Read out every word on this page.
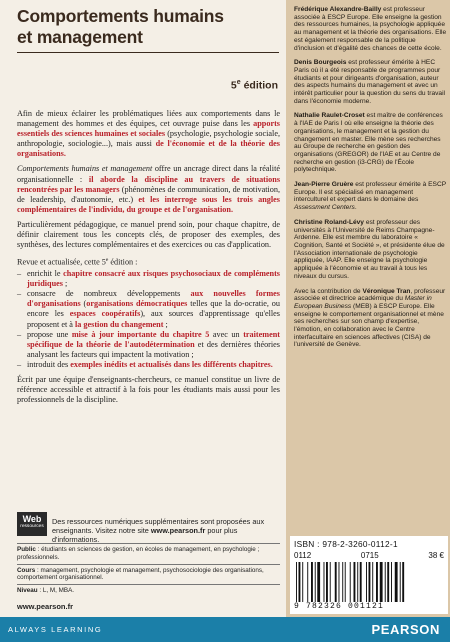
Comportements humains
et management
5e édition

Afin de mieux éclairer les problématiques liées aux comportements dans le management des hommes et des équipes, cet ouvrage puise dans les apports essentiels des sciences humaines et sociales (psychologie, psychologie sociale, anthropologie, sociologie...), mais aussi de l'économie et de la théorie des organisations.

Comportements humains et management offre un ancrage direct dans la réalité organisationnelle : il aborde la discipline au travers de situations rencontrées par les managers (phénomènes de communication, de motivation, de leadership, d'autonomie, etc.) et les interroge sous les trois angles complémentaires de l'individu, du groupe et de l'organisation.

Particulièrement pédagogique, ce manuel prend soin, pour chaque chapitre, de définir clairement tous les concepts clés, de proposer des exemples, des synthèses, des lectures complémentaires et des exercices ou cas d'application.

Revue et actualisée, cette 5e édition :

– enrichit le chapitre consacré aux risques psychosociaux de compléments juridiques ;
– consacre de nombreux développements aux nouvelles formes d'organisations (organisations démocratiques telles que la do-ocratie, ou encore les espaces coopératifs), aux sources d'apprentissage qu'elles proposent et à la gestion du changement ;
– propose une mise à jour importante du chapitre 5 avec un traitement spécifique de la théorie de l'autodétermination et des dernières théories analysant les facteurs qui impactent la motivation ;
– introduit des exemples inédits et actualisés dans les différents chapitres.

Écrit par une équipe d'enseignants-chercheurs, ce manuel constitue un livre de référence accessible et attractif à la fois pour les étudiants mais aussi pour les professionnels de la discipline.

Web
ressources
Des ressources numériques supplémentaires sont proposées aux enseignants. Visitez notre site www.pearson.fr pour plus d'informations.
Public : étudiants en sciences de gestion, en écoles de management, en psychologie ; professionnels.
Cours : management, psychologie et management, psychosociologie des organisations, comportement organisationnel.
Niveau : L, M, MBA.
www.pearson.fr
Frédérique Alexandre-Bailly est professeur associée à ESCP Europe. Elle enseigne la gestion des ressources humaines, la psychologie appliquée au management et la théorie des organisations. Elle est également responsable de la politique d'inclusion et d'égalité des chances de cette école.
Denis Bourgeois est professeur émérite à HEC Paris où il a été responsable de programmes pour étudiants et pour dirigeants d'organisation, auteur des aspects humains du management et avec un intérêt particulier pour la question du sens du travail dans l'économie moderne.
Nathalie Raulet-Croset est maître de conférences à l'IAE de Paris I où elle enseigne la théorie des organisations, le management et la gestion du changement en master. Elle mène ses recherches au Groupe de recherche en gestion des organisations (GREGOR) de l'IAE et au Centre de recherche en gestion (i3-CRG) de l'École polytechnique.
Jean-Pierre Gruère est professeur émérite à ESCP Europe. Il est spécialisé en management interculturel et expert dans le domaine des Assessment Centers.
Christine Roland-Lévy est professeur des universités à l'Université de Reims Champagne-Ardenne. Elle est membre du laboratoire « Cognition, Santé et Société », et présidente élue de l'Association internationale de psychologie appliquée, IAAP. Elle enseigne la psychologie appliquée à l'économie et au travail à tous les niveaux du cursus.
Avec la contribution de Véronique Tran, professeur associée et directrice académique du Master in European Business (MEB) à ESCP Europe. Elle enseigne le comportement organisationnel et mène ses recherches sur son champ d'expertise, l'émotion, en collaboration avec le Centre interfacultaire en sciences affectives (CISA) de l'université de Genève.
ISBN : 978-2-3260-0112-1
0112	0715	38 €
9 782326 001121
ALWAYS LEARNING	PEARSON
